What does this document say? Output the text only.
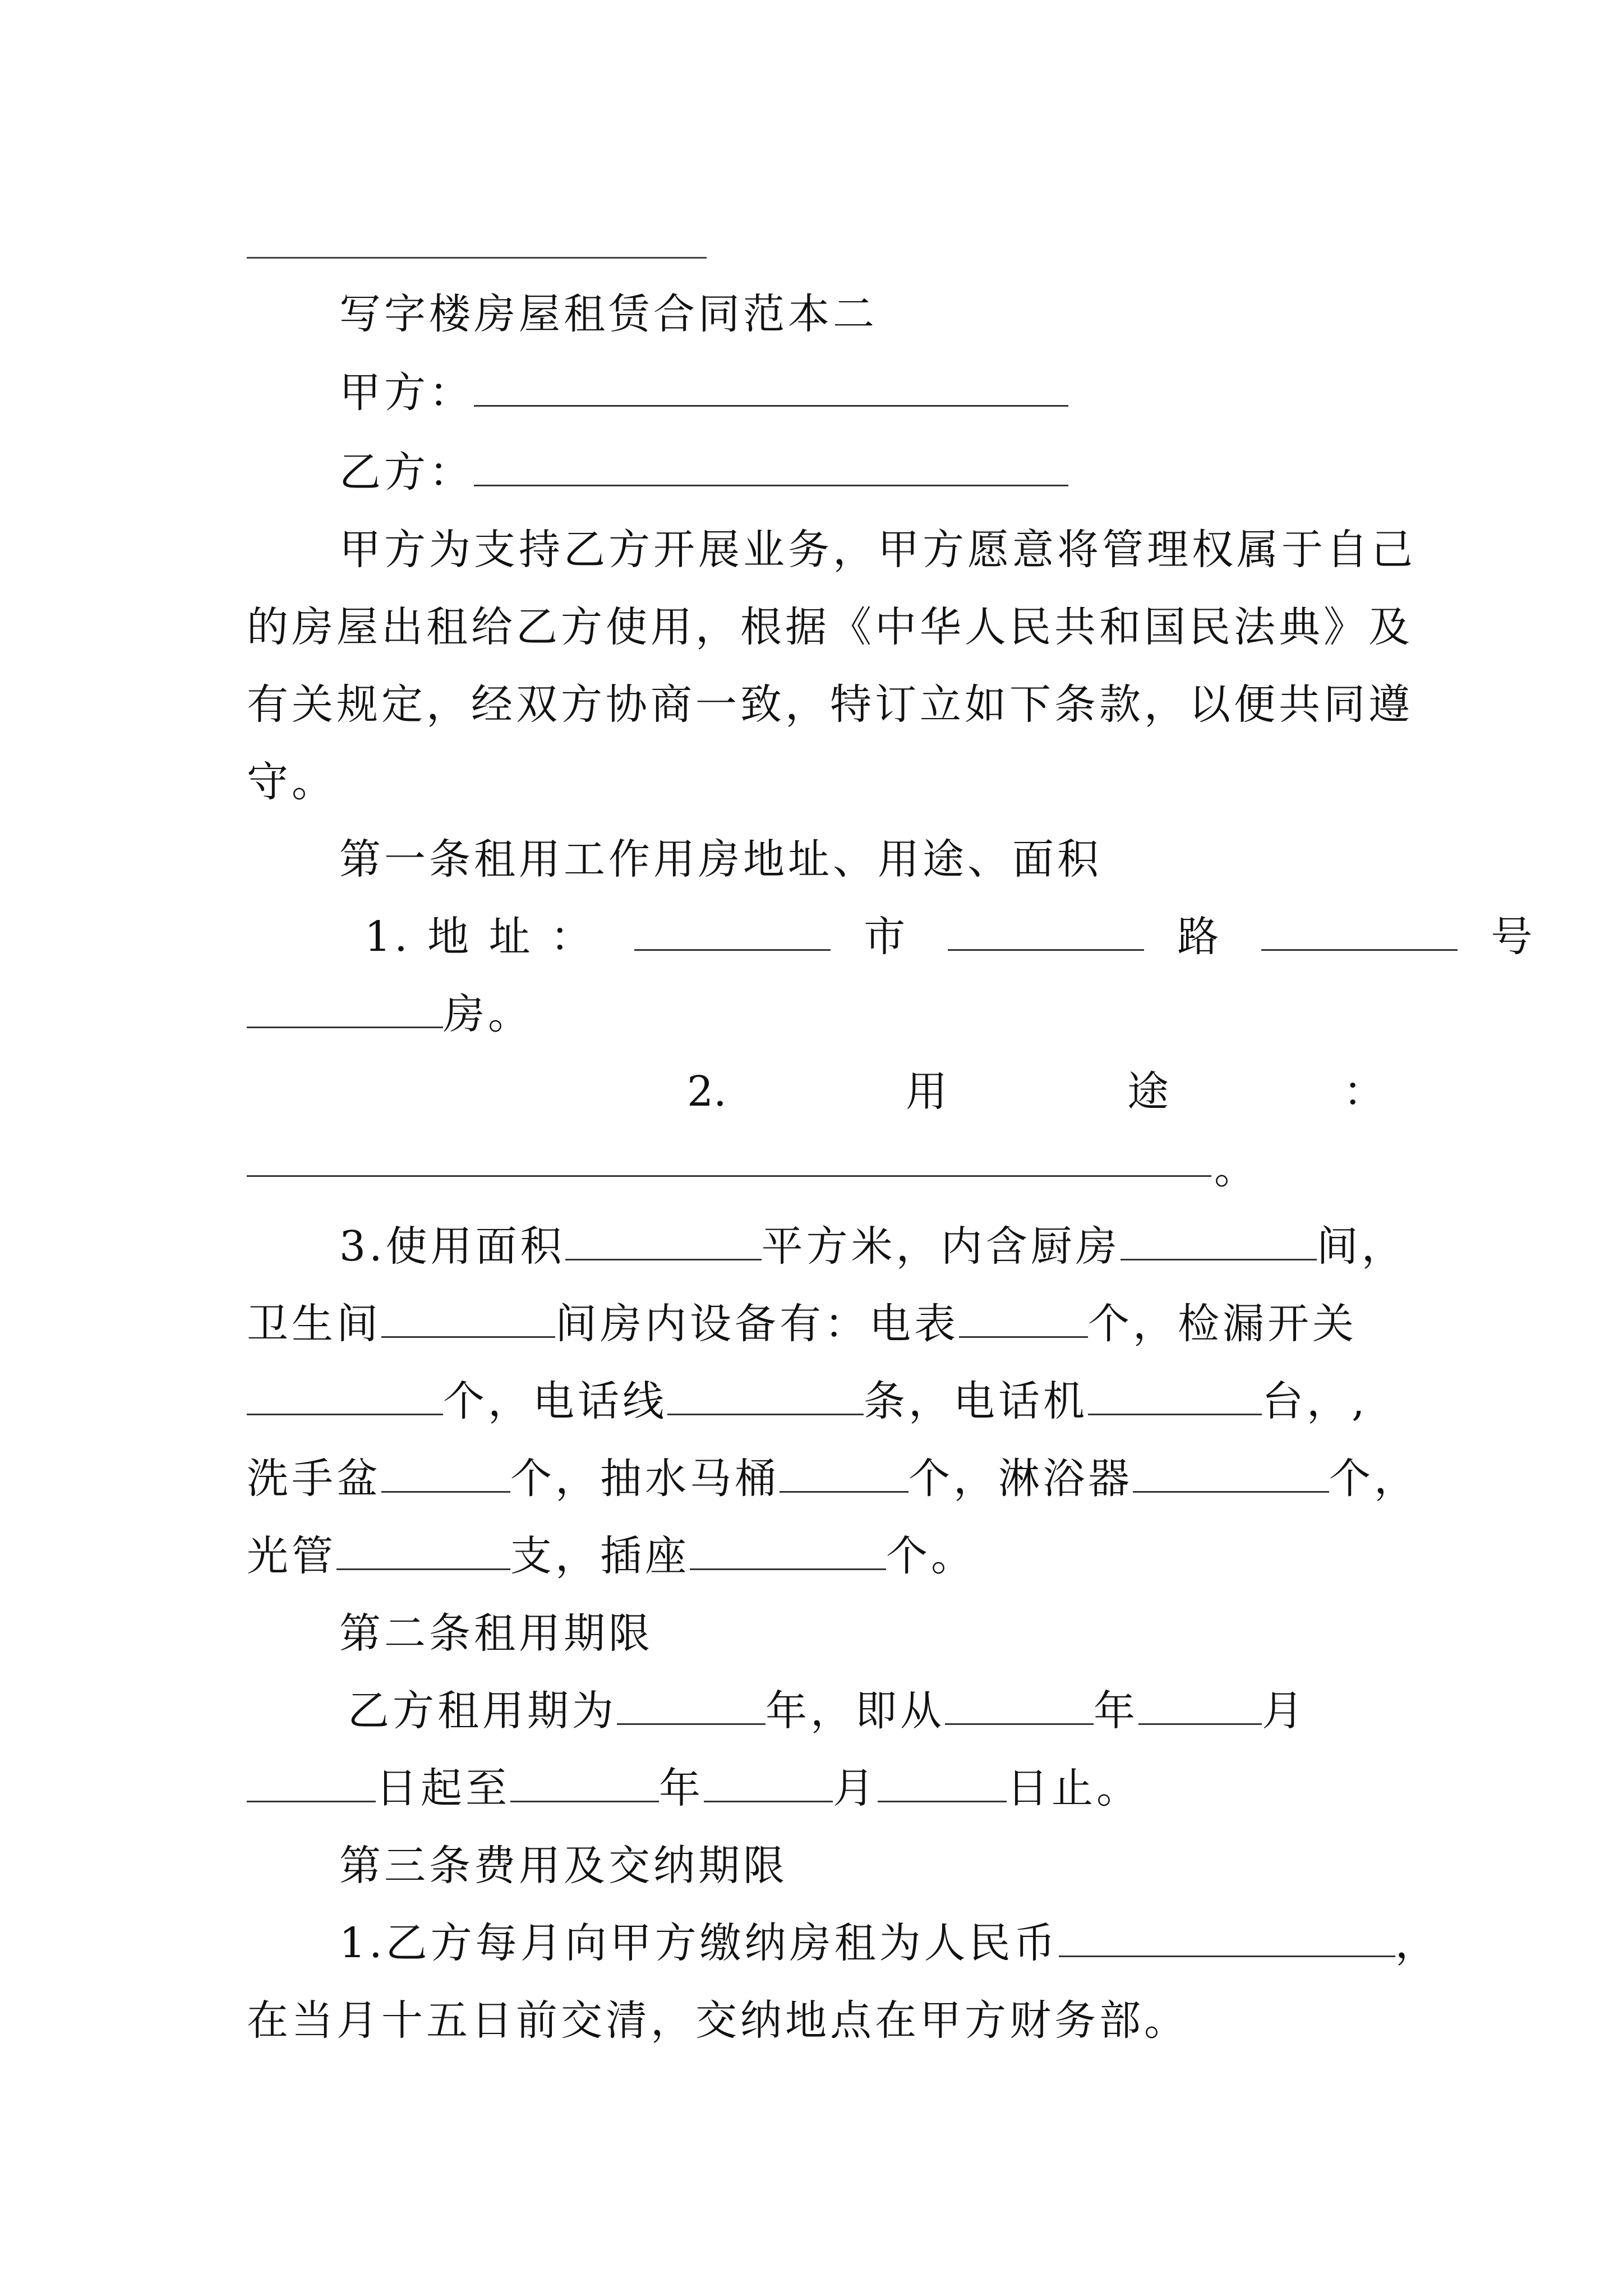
写字楼房屋租赁合同范本二
甲方：
乙方：
甲方为支持乙方开展业务，甲方愿意将管理权属于自己
的房屋出租给乙方使用，根据《中华人民共和国民法典》及
有关规定，经双方协商一致，特订立如下条款，以便共同遵
守。
第一条租用工作用房地址、用途、面积
1. 地 址 ：	市	路	号
房。
2.	用	途	：
。
3.使用面积	平方米，内含厨房	间，
卫生间	间房内设备有：电表	个，检漏开关
个，电话线	条，电话机	台，,
洗手盆	个，抽水马桶	个，淋浴器	个，
光管	支，插座	个。
第二条租用期限
乙方租用期为	年，即从	年	月
日起至	年	月	日止。
第三条费用及交纳期限
1.乙方每月向甲方缴纳房租为人民币	，
在当月十五日前交清，交纳地点在甲方财务部。
